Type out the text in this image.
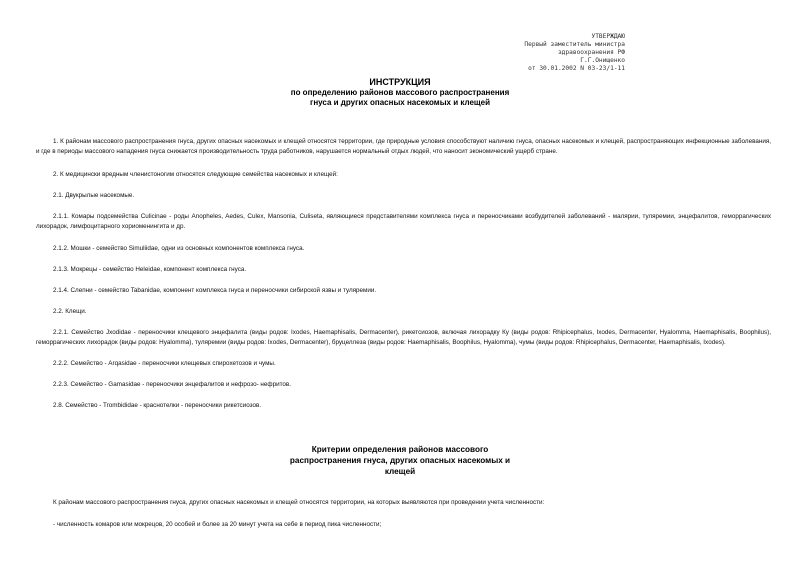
УТВЕРЖДАЮ
Первый заместитель министра
здравоохранения РФ
Г.Г.Онищенко
от 30.01.2002 N 03-23/1-11
ИНСТРУКЦИЯ
по определению районов массового распространения
гнуса и других опасных насекомых и клещей

1. К районам массового распространения гнуса, других опасных насекомых и клещей относятся территории, где природные условия способствуют наличию гнуса, опасных насекомых и клещей, распространяющих инфекционные заболевания, и где в периоды массового нападения гнуса снижается производительность труда работников, нарушается нормальный отдых людей, что наносит экономический ущерб стране.

2. К медицински вредным членистоногим относятся следующие семейства насекомых и клещей:

2.1. Двукрылые насекомые.

2.1.1. Комары подсемейства Culicinae - роды Anopheles, Aedes, Culex, Mansonia, Culiseta, являющиеся представителями комплекса гнуса и переносчиками возбудителей заболеваний - малярии, туляремии, энцефалитов, геморрагических лихорадок, лимфоцитарного хориоменингита и др.

2.1.2. Мошки - семейство Simuliidae, одни из основных компонентов комплекса гнуса.

2.1.3. Мокрецы - семейство Heleidae, компонент комплекса гнуса.

2.1.4. Слепни - семейство Tabanidae, компонент комплекса гнуса и переносчики сибирской язвы и туляремии.

2.2. Клещи.

2.2.1. Семейство Jxodidae - переносчики клещевого энцефалита (виды родов: Ixodes, Haemaphisalis, Dermacenter), рикетсиозов, включая лихорадку Ку (виды родов: Rhipicephalus, Ixodes, Dermacenter, Hyalomma, Haemaphisalis, Boophilus), геморрагических лихорадок (виды родов: Hyalomma), туляремии (виды родов: Ixodes, Dermacenter), бруцеллеза (виды родов: Haemaphisalis, Boophilus, Hyalomma), чумы (виды родов: Rhipicephalus, Dermacenter, Haemaphisalis, Ixodes).

2.2.2. Семейство - Arqasidae - переносчики клещевых спирохетозов и чумы.

2.2.3. Семейство - Gamasidae - переносчики энцефалитов и нефрозо- нефритов.

2.8. Семейство - Trombididae - краснотелки - переносчики рикетсиозов.

Критерии определения районов массового
распространения гнуса, других опасных насекомых и
клещей

К районам массового распространения гнуса, других опасных насекомых и клещей относятся территории, на которых выявляются при проведении учета численности:

- численность комаров или мокрецов, 20 особей и более за 20 минут учета на себе в период пика численности;
